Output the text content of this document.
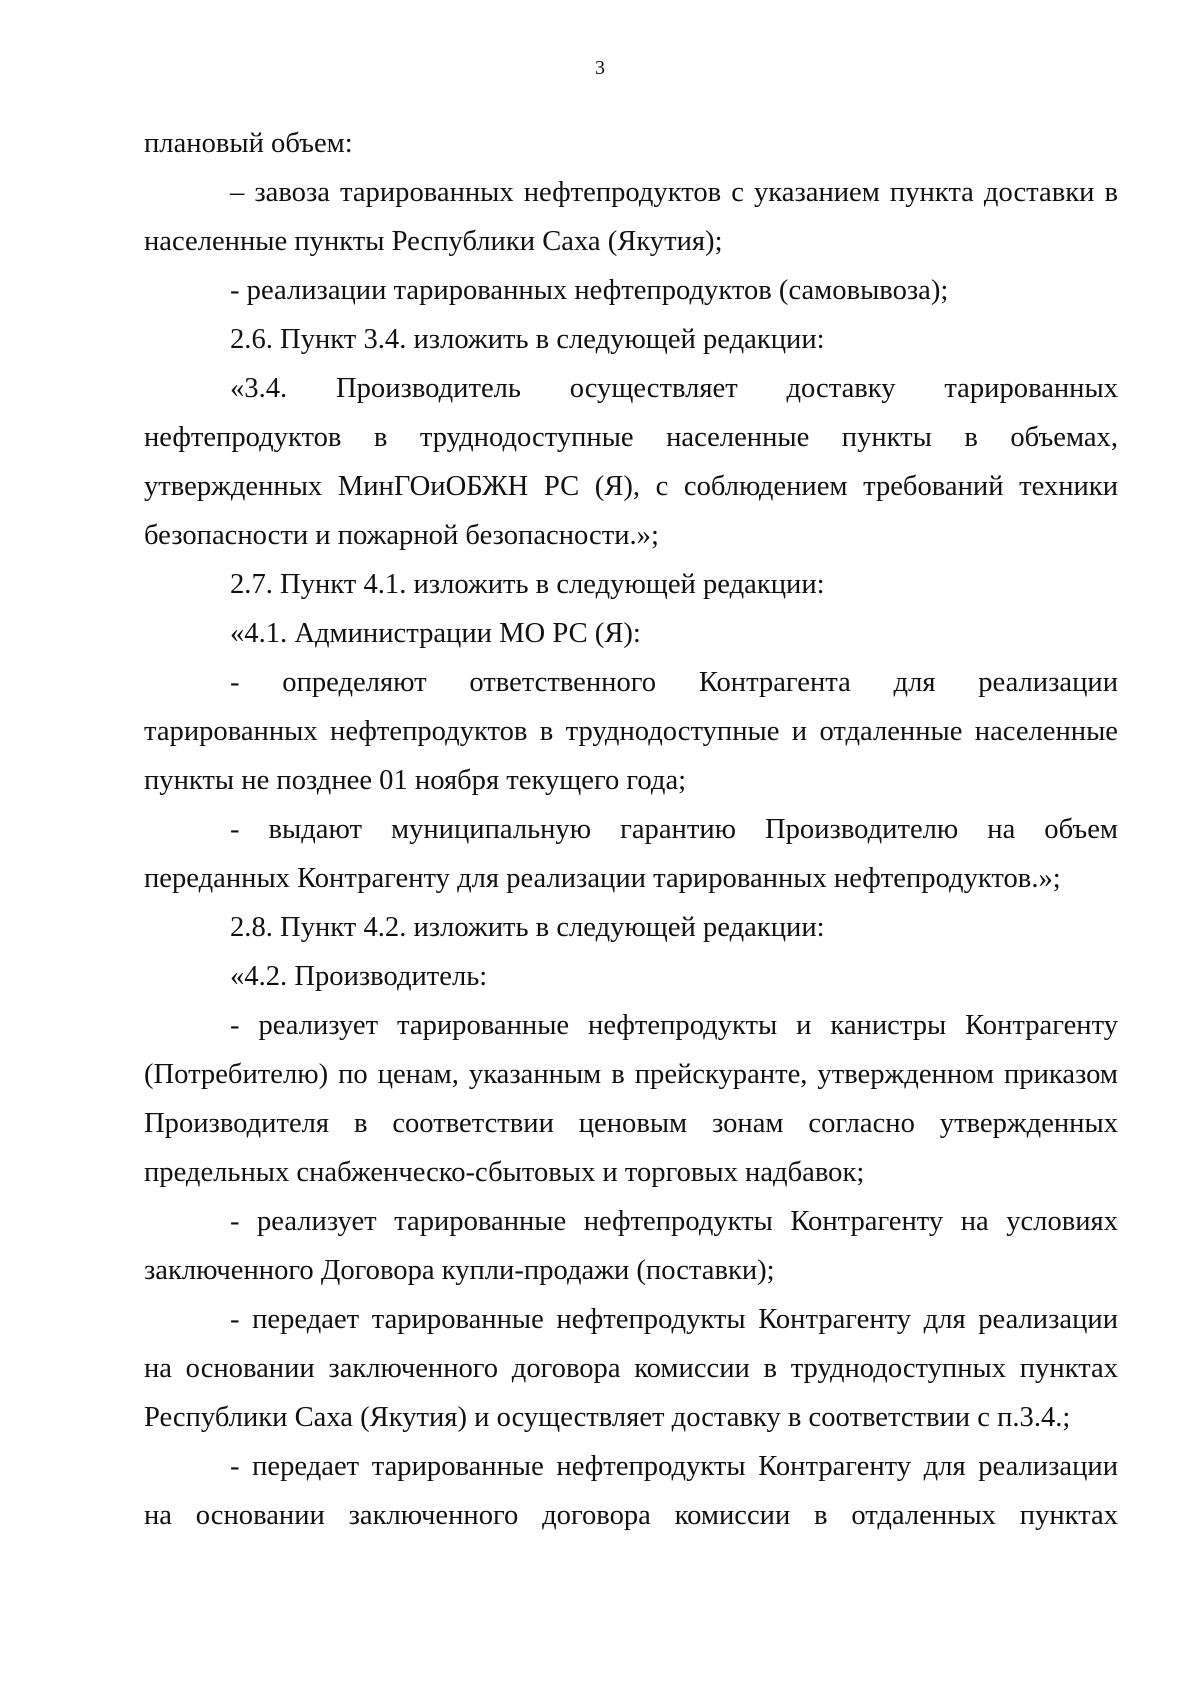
3

плановый объем:

– завоза тарированных нефтепродуктов с указанием пункта доставки в населенные пункты Республики Саха (Якутия);

- реализации тарированных нефтепродуктов (самовывоза);

2.6. Пункт 3.4. изложить в следующей редакции:

«3.4. Производитель осуществляет доставку тарированных нефтепродуктов в труднодоступные населенные пункты в объемах, утвержденных МинГОиОБЖН РС (Я), с соблюдением требований техники безопасности и пожарной безопасности.»;

2.7. Пункт 4.1. изложить в следующей редакции:

«4.1. Администрации МО РС (Я):

- определяют ответственного Контрагента для реализации тарированных нефтепродуктов в труднодоступные и отдаленные населенные пункты не позднее 01 ноября текущего года;

- выдают муниципальную гарантию Производителю на объем переданных Контрагенту для реализации тарированных нефтепродуктов.»;

2.8. Пункт 4.2. изложить в следующей редакции:

«4.2. Производитель:

- реализует тарированные нефтепродукты и канистры Контрагенту (Потребителю) по ценам, указанным в прейскуранте, утвержденном приказом Производителя в соответствии ценовым зонам согласно утвержденных предельных снабженческо-сбытовых и торговых надбавок;

- реализует тарированные нефтепродукты Контрагенту на условиях заключенного Договора купли-продажи (поставки);

- передает тарированные нефтепродукты Контрагенту для реализации на основании заключенного договора комиссии в труднодоступных пунктах Республики Саха (Якутия) и осуществляет доставку в соответствии с п.3.4.;

- передает тарированные нефтепродукты Контрагенту для реализации на основании заключенного договора комиссии в отдаленных пунктах
